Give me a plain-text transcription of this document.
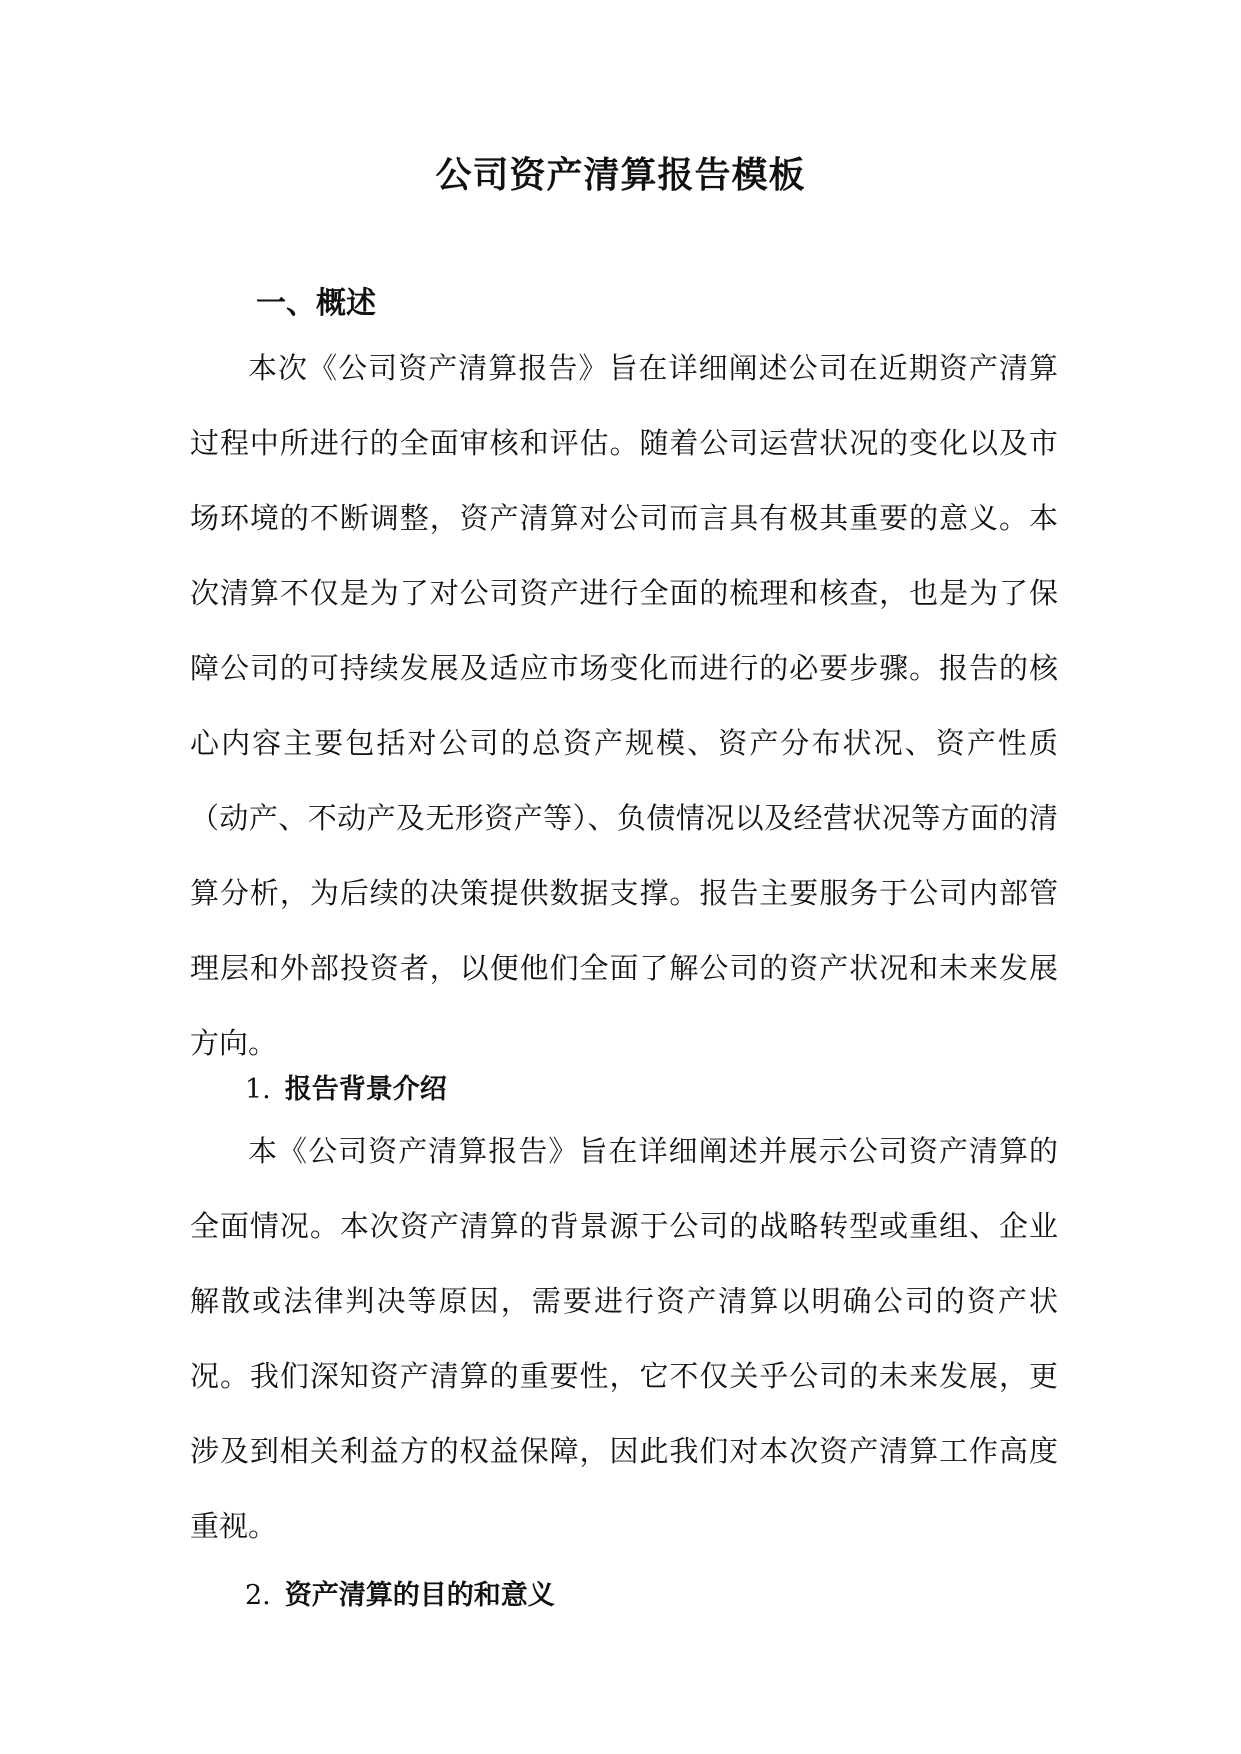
公司资产清算报告模板
一、概述

本次《公司资产清算报告》旨在详细阐述公司在近期资产清算过程中所进行的全面审核和评估。随着公司运营状况的变化以及市场环境的不断调整，资产清算对公司而言具有极其重要的意义。本次清算不仅是为了对公司资产进行全面的梳理和核查，也是为了保障公司的可持续发展及适应市场变化而进行的必要步骤。报告的核心内容主要包括对公司的总资产规模、资产分布状况、资产性质（动产、不动产及无形资产等）、负债情况以及经营状况等方面的清算分析，为后续的决策提供数据支撑。报告主要服务于公司内部管理层和外部投资者，以便他们全面了解公司的资产状况和未来发展方向。

1. 报告背景介绍

本《公司资产清算报告》旨在详细阐述并展示公司资产清算的全面情况。本次资产清算的背景源于公司的战略转型或重组、企业解散或法律判决等原因，需要进行资产清算以明确公司的资产状况。我们深知资产清算的重要性，它不仅关乎公司的未来发展，更涉及到相关利益方的权益保障，因此我们对本次资产清算工作高度重视。

2. 资产清算的目的和意义
